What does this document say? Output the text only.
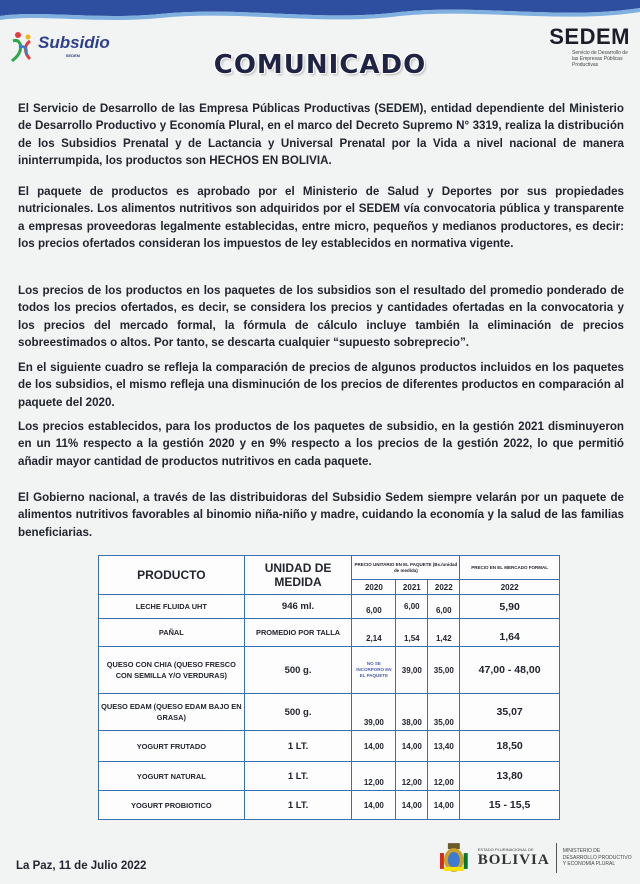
Subsidio
SEDEM
SEDEM
Servicio de Desarrollo de las Empresas Públicas Productivas
COMUNICADO
El Servicio de Desarrollo de las Empresa Públicas Productivas (SEDEM), entidad dependiente del Ministerio de Desarrollo Productivo y Economía Plural, en el marco del Decreto Supremo N° 3319, realiza la distribución de los Subsidios Prenatal y de Lactancia y Universal Prenatal por la Vida a nivel nacional de manera ininterrumpida, los productos son HECHOS EN BOLIVIA.
El paquete de productos es aprobado por el Ministerio de Salud y Deportes por sus propiedades nutricionales. Los alimentos nutritivos son adquiridos por el SEDEM vía convocatoria pública y transparente a empresas proveedoras legalmente establecidas, entre micro, pequeños y medianos productores, es decir: los precios ofertados consideran los impuestos de ley establecidos en normativa vigente.
Los precios de los productos en los paquetes de los subsidios son el resultado del promedio ponderado de todos los precios ofertados, es decir, se considera los precios y cantidades ofertadas en la convocatoria y los precios del mercado formal, la fórmula de cálculo incluye también la eliminación de precios sobreestimados o altos. Por tanto, se descarta cualquier “supuesto sobreprecio”.
En el siguiente cuadro se refleja la comparación de precios de algunos productos incluidos en los paquetes de los subsidios, el mismo refleja una disminución de los precios de diferentes productos en comparación al paquete del 2020.
Los precios establecidos, para los productos de los paquetes de subsidio, en la gestión 2021 disminuyeron en un 11% respecto a la gestión 2020 y en 9% respecto a los precios de la gestión 2022, lo que permitió añadir mayor cantidad de productos nutritivos en cada paquete.
El Gobierno nacional, a través de las distribuidoras del Subsidio Sedem siempre velarán por un paquete de alimentos nutritivos favorables al binomio niña-niño y madre, cuidando la economía y la salud de las familias beneficiarias.
PRODUCTO	UNIDAD DE MEDIDA	PRECIO UNITARIO EN EL PAQUETE (Bs./unidad de medida)			PRECIO EN EL MERCADO FORMAL
		2020	2021	2022	2022
LECHE FLUIDA UHT	946 ml.	6,00	6,00	6,00	5,90
PAÑAL	PROMEDIO POR TALLA	2,14	1,54	1,42	1,64
QUESO CON CHIA (QUESO FRESCO CON SEMILLA Y/O VERDURAS)	500 g.	NO SE INCORPORO EN EL PAQUETE	39,00	35,00	47,00 - 48,00
QUESO EDAM (QUESO EDAM BAJO EN GRASA)	500 g.	39,00	38,00	35,00	35,07
YOGURT FRUTADO	1 LT.	14,00	14,00	13,40	18,50
YOGURT NATURAL	1 LT.	12,00	12,00	12,00	13,80
YOGURT PROBIOTICO	1 LT.	14,00	14,00	14,00	15 - 15,5
La Paz, 11 de Julio 2022
ESTADO PLURINACIONAL DE
BOLIVIA
MINISTERIO DE DESARROLLO PRODUCTIVO Y ECONOMÍA PLURAL
